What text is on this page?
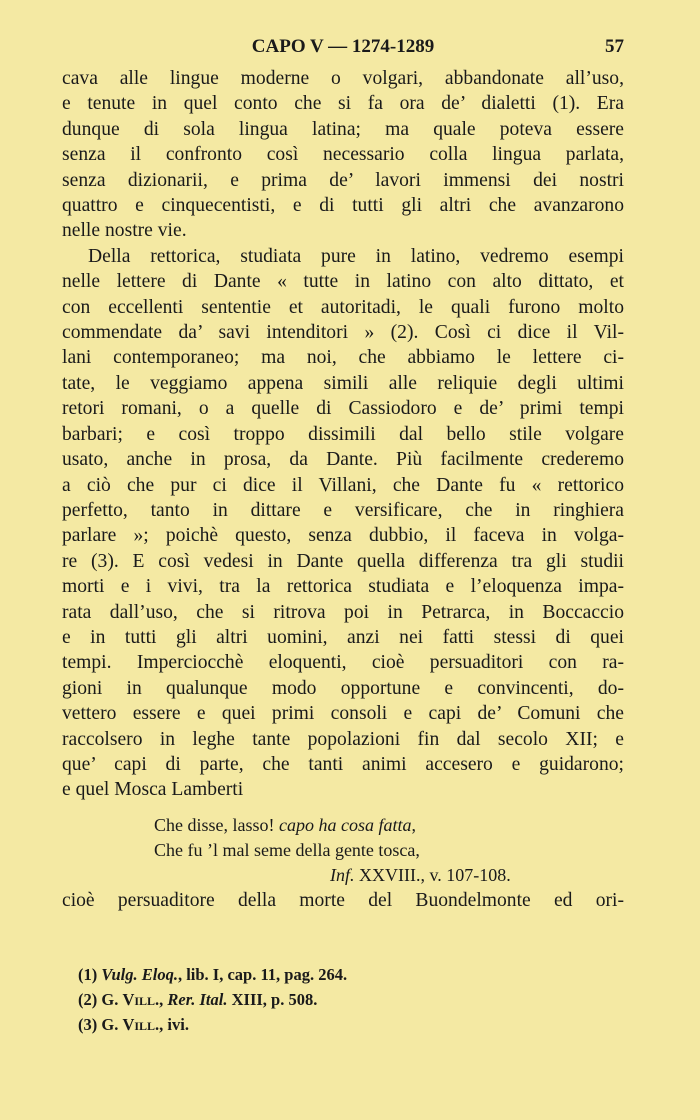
CAPO V — 1274-1289	57

cava alle lingue moderne o volgari, abbandonate all’uso,
e tenute in quel conto che si fa ora de’ dialetti (1). Era
dunque di sola lingua latina; ma quale poteva essere
senza il confronto così necessario colla lingua parlata,
senza dizionarii, e prima de’ lavori immensi dei nostri
quattro e cinquecentisti, e di tutti gli altri che avanzarono
nelle nostre vie.

Della rettorica, studiata pure in latino, vedremo esempi
nelle lettere di Dante « tutte in latino con alto dittato, et
con eccellenti sententie et autoritadi, le quali furono molto
commendate da’ savi intenditori » (2). Così ci dice il Vil-
lani contemporaneo; ma noi, che abbiamo le lettere ci-
tate, le veggiamo appena simili alle reliquie degli ultimi
retori romani, o a quelle di Cassiodoro e de’ primi tempi
barbari; e così troppo dissimili dal bello stile volgare
usato, anche in prosa, da Dante. Più facilmente crederemo
a ciò che pur ci dice il Villani, che Dante fu « rettorico
perfetto, tanto in dittare e versificare, che in ringhiera
parlare »; poichè questo, senza dubbio, il faceva in volga-
re (3). E così vedesi in Dante quella differenza tra gli studii
morti e i vivi, tra la rettorica studiata e l’eloquenza impa-
rata dall’uso, che si ritrova poi in Petrarca, in Boccaccio
e in tutti gli altri uomini, anzi nei fatti stessi di quei
tempi. Imperciocchè eloquenti, cioè persuaditori con ra-
gioni in qualunque modo opportune e convincenti, do-
vettero essere e quei primi consoli e capi de’ Comuni che
raccolsero in leghe tante popolazioni fin dal secolo XII; e
que’ capi di parte, che tanti animi accesero e guidarono;
e quel Mosca Lamberti

Che disse, lasso! capo ha cosa fatta,
Che fu ’l mal seme della gente tosca,
Inf. XXVIII., v. 107-108.

cioè persuaditore della morte del Buondelmonte ed ori-

(1) Vulg. Eloq., lib. I, cap. 11, pag. 264.
(2) G. Vill., Rer. Ital. XIII, p. 508.
(3) G. Vill., ivi.
